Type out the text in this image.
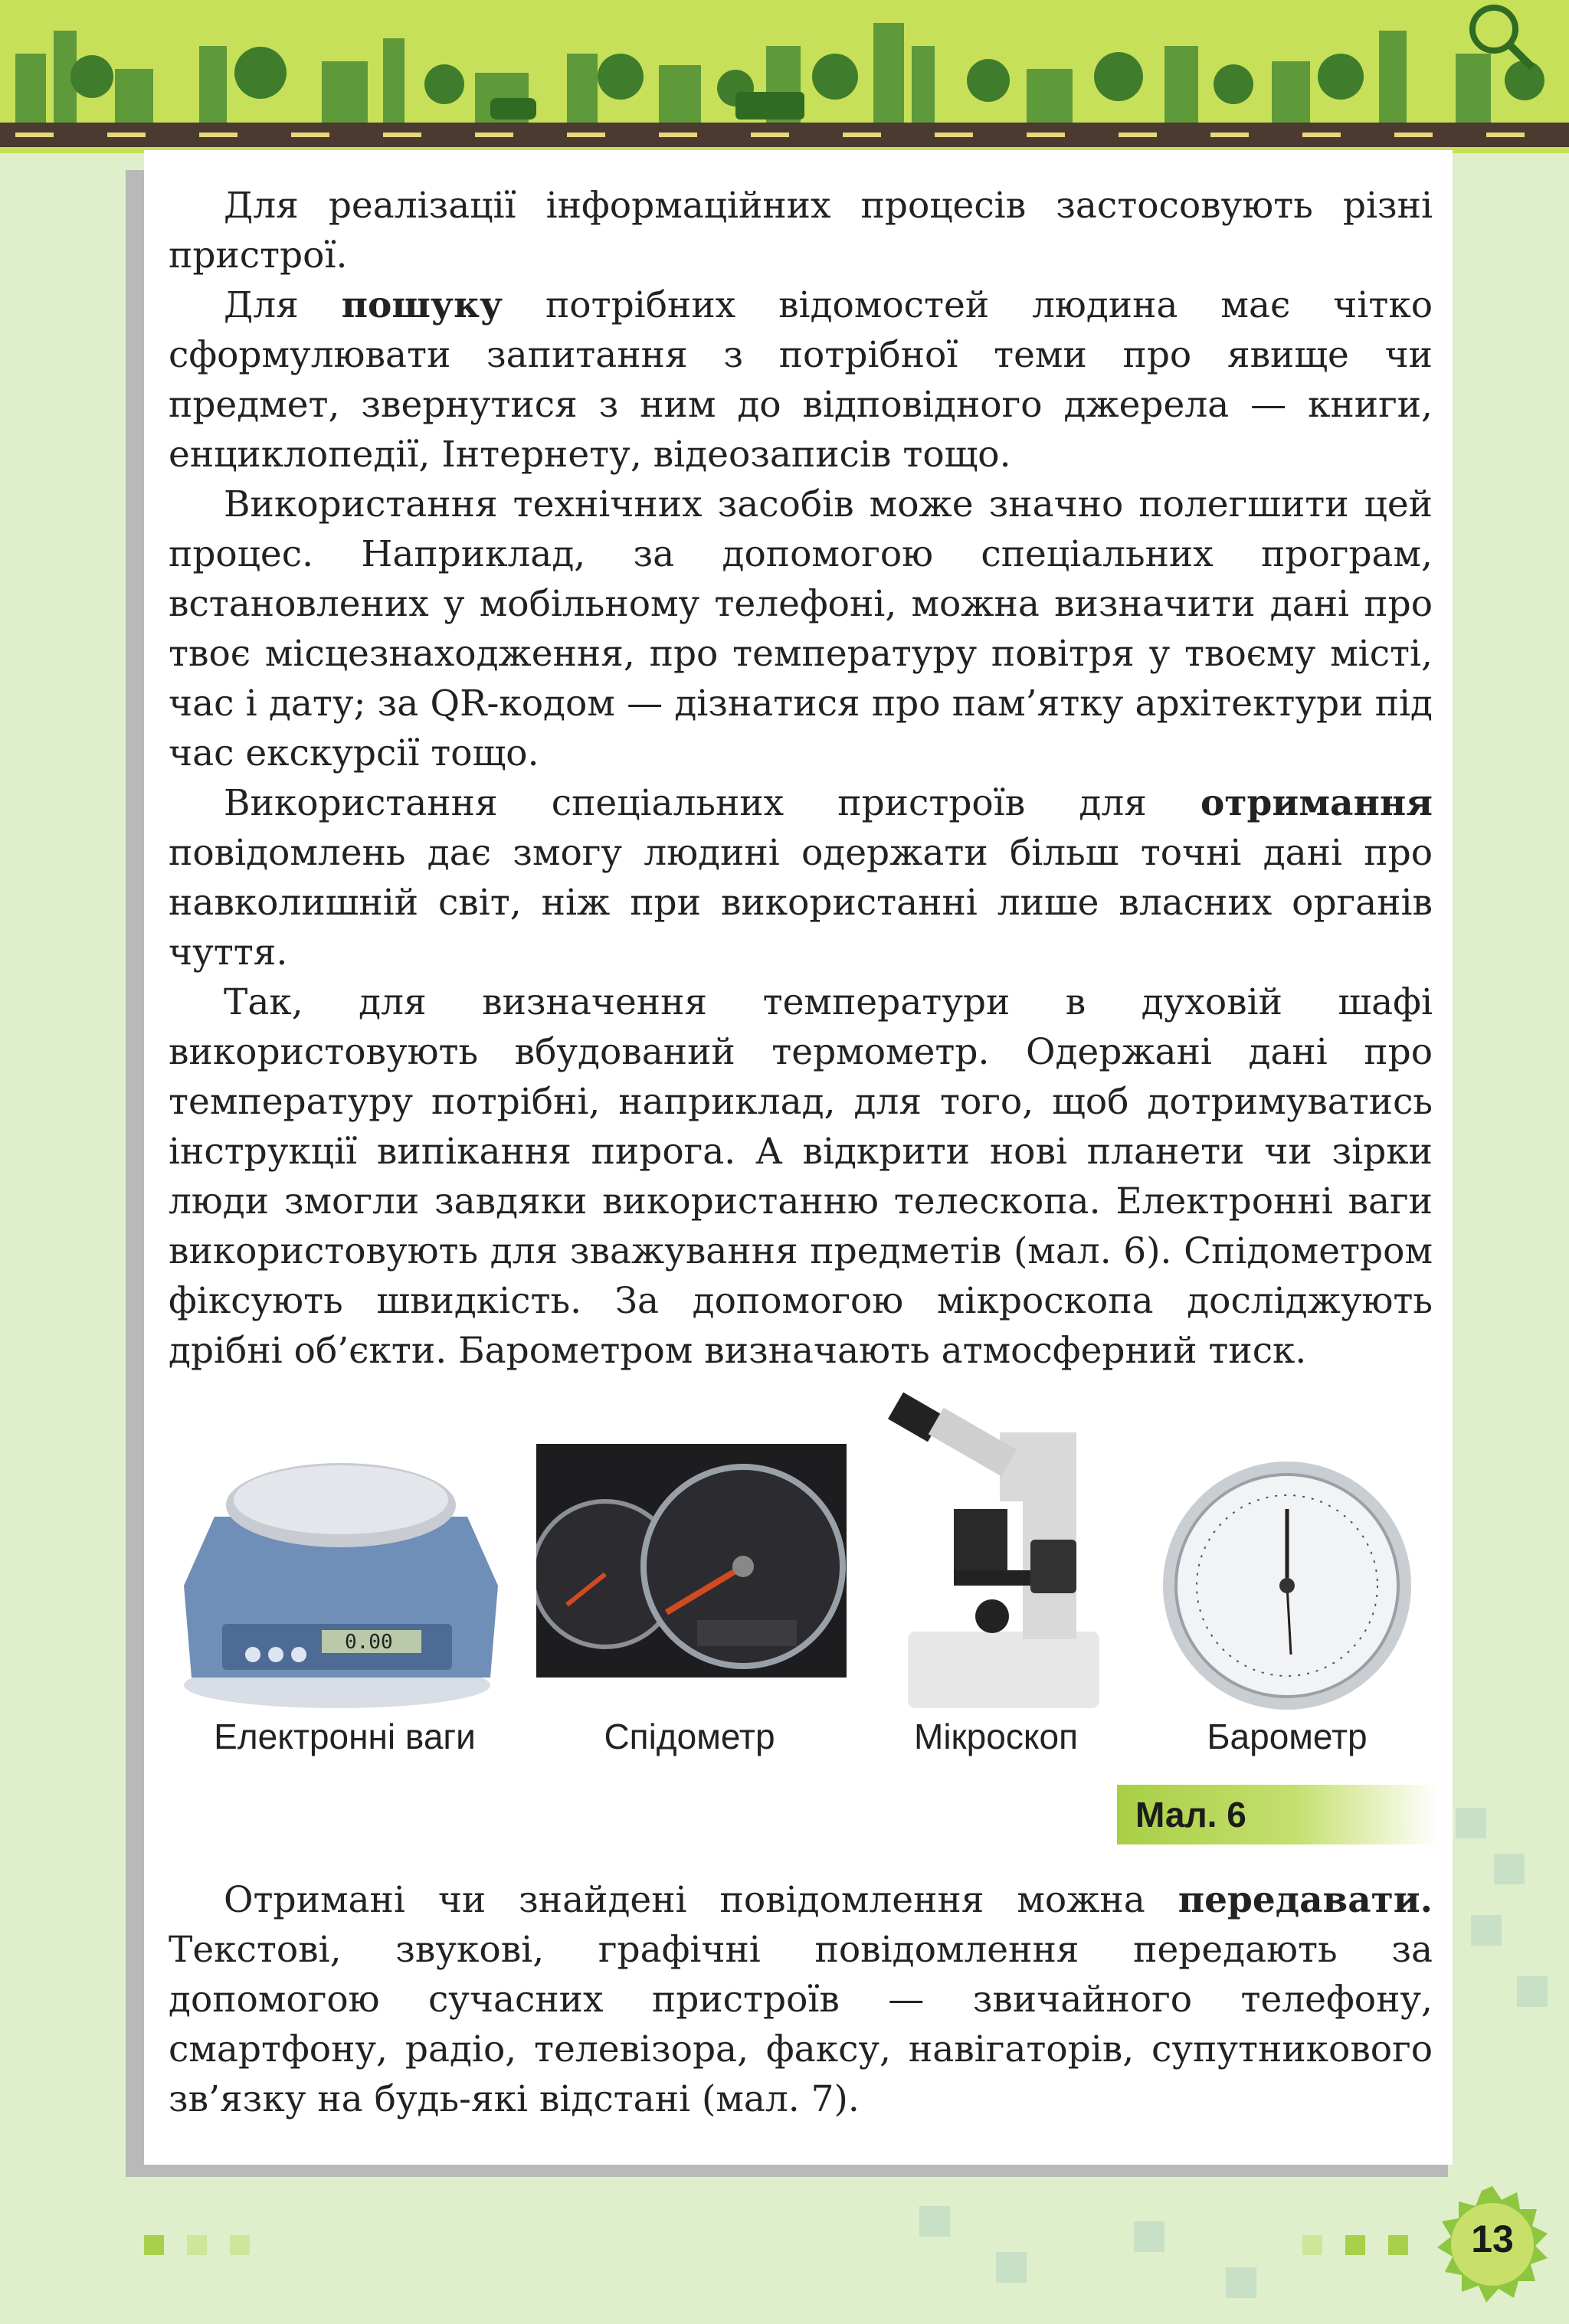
Для реалізації інформаційних процесів застосовують різні пристрої.

Для пошуку потрібних відомостей людина має чітко сформулювати запитання з потрібної теми про явище чи предмет, звернутися з ним до відповідного джерела — книги, енциклопедії, Інтернету, відеозаписів тощо.

Використання технічних засобів може значно полегшити цей процес. Наприклад, за допомогою спеціальних програм, встановлених у мобільному телефоні, можна визначити дані про твоє місцезнаходження, про температуру повітря у твоєму місті, час і дату; за QR-кодом — дізнатися про пам’ятку архітектури під час екскурсії тощо.

Використання спеціальних пристроїв для отримання повідомлень дає змогу людині одержати більш точні дані про навколишній світ, ніж при використанні лише власних органів чуття.

Так, для визначення температури в духовій шафі використовують вбудований термометр. Одержані дані про температуру потрібні, наприклад, для того, щоб дотримуватись інструкції випікання пирога. А відкрити нові планети чи зірки люди змогли завдяки використанню телескопа. Електронні ваги використовують для зважування предметів (мал. 6). Спідометром фіксують швидкість. За допомогою мікроскопа досліджують дрібні об’єкти. Барометром визначають атмосферний тиск.

0.00
Електронні ваги	Спідометр	Мікроскоп	Барометр
Мал. 6

Отримані чи знайдені повідомлення можна передавати. Текстові, звукові, графічні повідомлення передають за допомогою сучасних пристроїв — звичайного телефону, смартфону, радіо, телевізора, факсу, навігаторів, супутникового зв’язку на будь-які відстані (мал. 7).

13
